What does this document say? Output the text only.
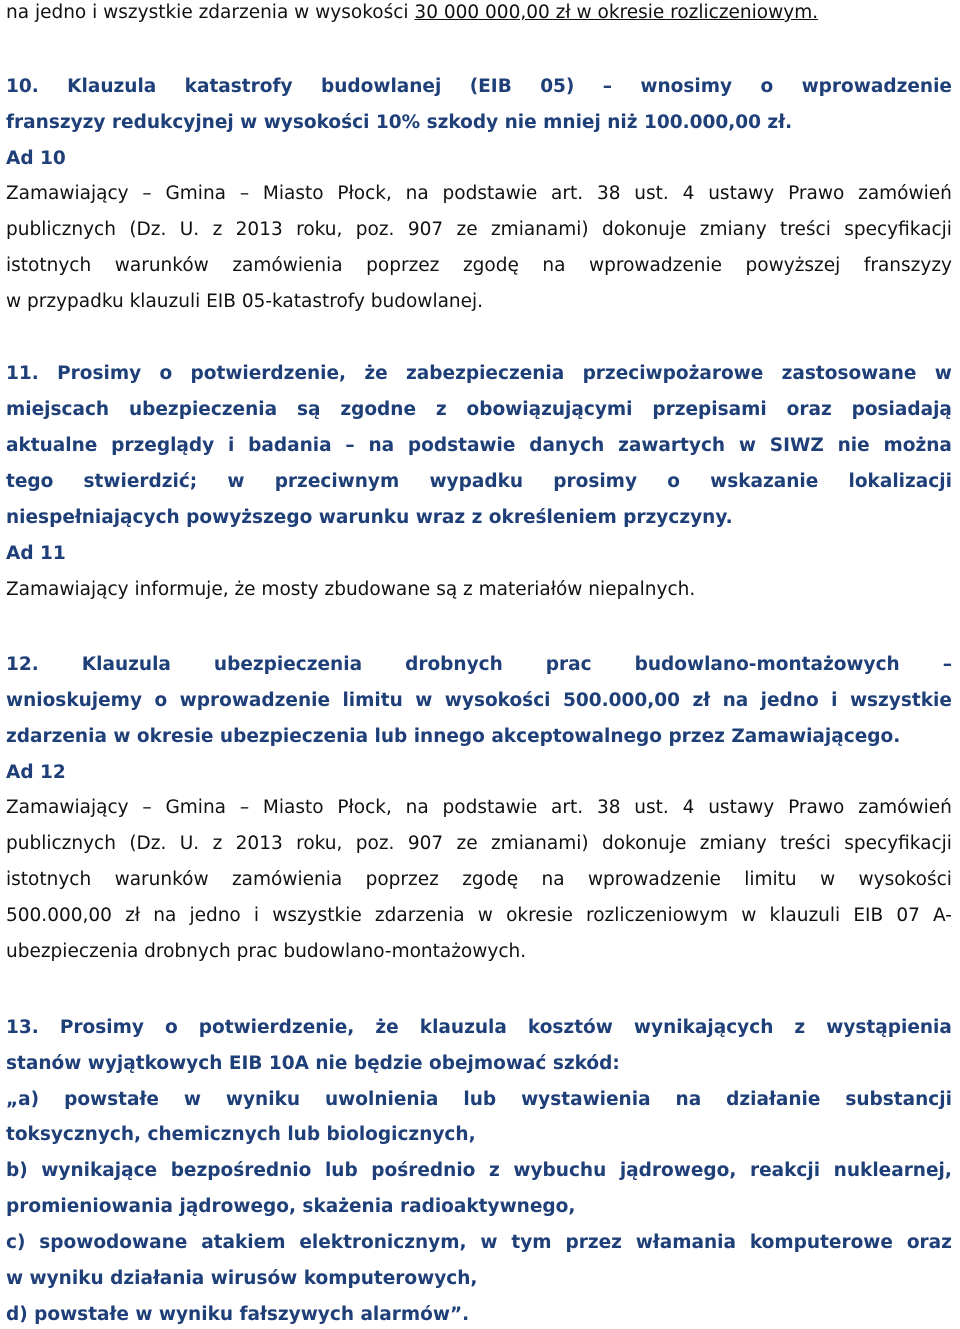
na jedno i wszystkie zdarzenia w wysokości 30 000 000,00 zł w okresie rozliczeniowym.
10. Klauzula katastrofy budowlanej (EIB 05) – wnosimy o wprowadzenie
franszyzy redukcyjnej w wysokości 10% szkody nie mniej niż 100.000,00 zł.
Ad 10
Zamawiający – Gmina – Miasto Płock, na podstawie art. 38 ust. 4 ustawy Prawo zamówień
publicznych (Dz. U. z 2013 roku, poz. 907 ze zmianami) dokonuje zmiany treści specyfikacji
istotnych warunków zamówienia poprzez zgodę na wprowadzenie powyższej franszyzy
w przypadku klauzuli EIB 05-katastrofy budowlanej.
11. Prosimy o potwierdzenie, że zabezpieczenia przeciwpożarowe zastosowane w
miejscach ubezpieczenia są zgodne z obowiązującymi przepisami oraz posiadają
aktualne przeglądy i badania – na podstawie danych zawartych w SIWZ nie można
tego stwierdzić; w przeciwnym wypadku prosimy o wskazanie lokalizacji
niespełniających powyższego warunku wraz z określeniem przyczyny.
Ad 11
Zamawiający informuje, że mosty zbudowane są z materiałów niepalnych.
12. Klauzula ubezpieczenia drobnych prac budowlano-montażowych –
wnioskujemy o wprowadzenie limitu w wysokości 500.000,00 zł na jedno i wszystkie
zdarzenia w okresie ubezpieczenia lub innego akceptowalnego przez Zamawiającego.
Ad 12
Zamawiający – Gmina – Miasto Płock, na podstawie art. 38 ust. 4 ustawy Prawo zamówień
publicznych (Dz. U. z 2013 roku, poz. 907 ze zmianami) dokonuje zmiany treści specyfikacji
istotnych warunków zamówienia poprzez zgodę na wprowadzenie limitu w wysokości
500.000,00 zł na jedno i wszystkie zdarzenia w okresie rozliczeniowym w klauzuli EIB 07 A-
ubezpieczenia drobnych prac budowlano-montażowych.
13. Prosimy o potwierdzenie, że klauzula kosztów wynikających z wystąpienia
stanów wyjątkowych EIB 10A nie będzie obejmować szkód:
„a) powstałe w wyniku uwolnienia lub wystawienia na działanie substancji
toksycznych, chemicznych lub biologicznych,
b) wynikające bezpośrednio lub pośrednio z wybuchu jądrowego, reakcji nuklearnej,
promieniowania jądrowego, skażenia radioaktywnego,
c) spowodowane atakiem elektronicznym, w tym przez włamania komputerowe oraz
w wyniku działania wirusów komputerowych,
d) powstałe w wyniku fałszywych alarmów”.
